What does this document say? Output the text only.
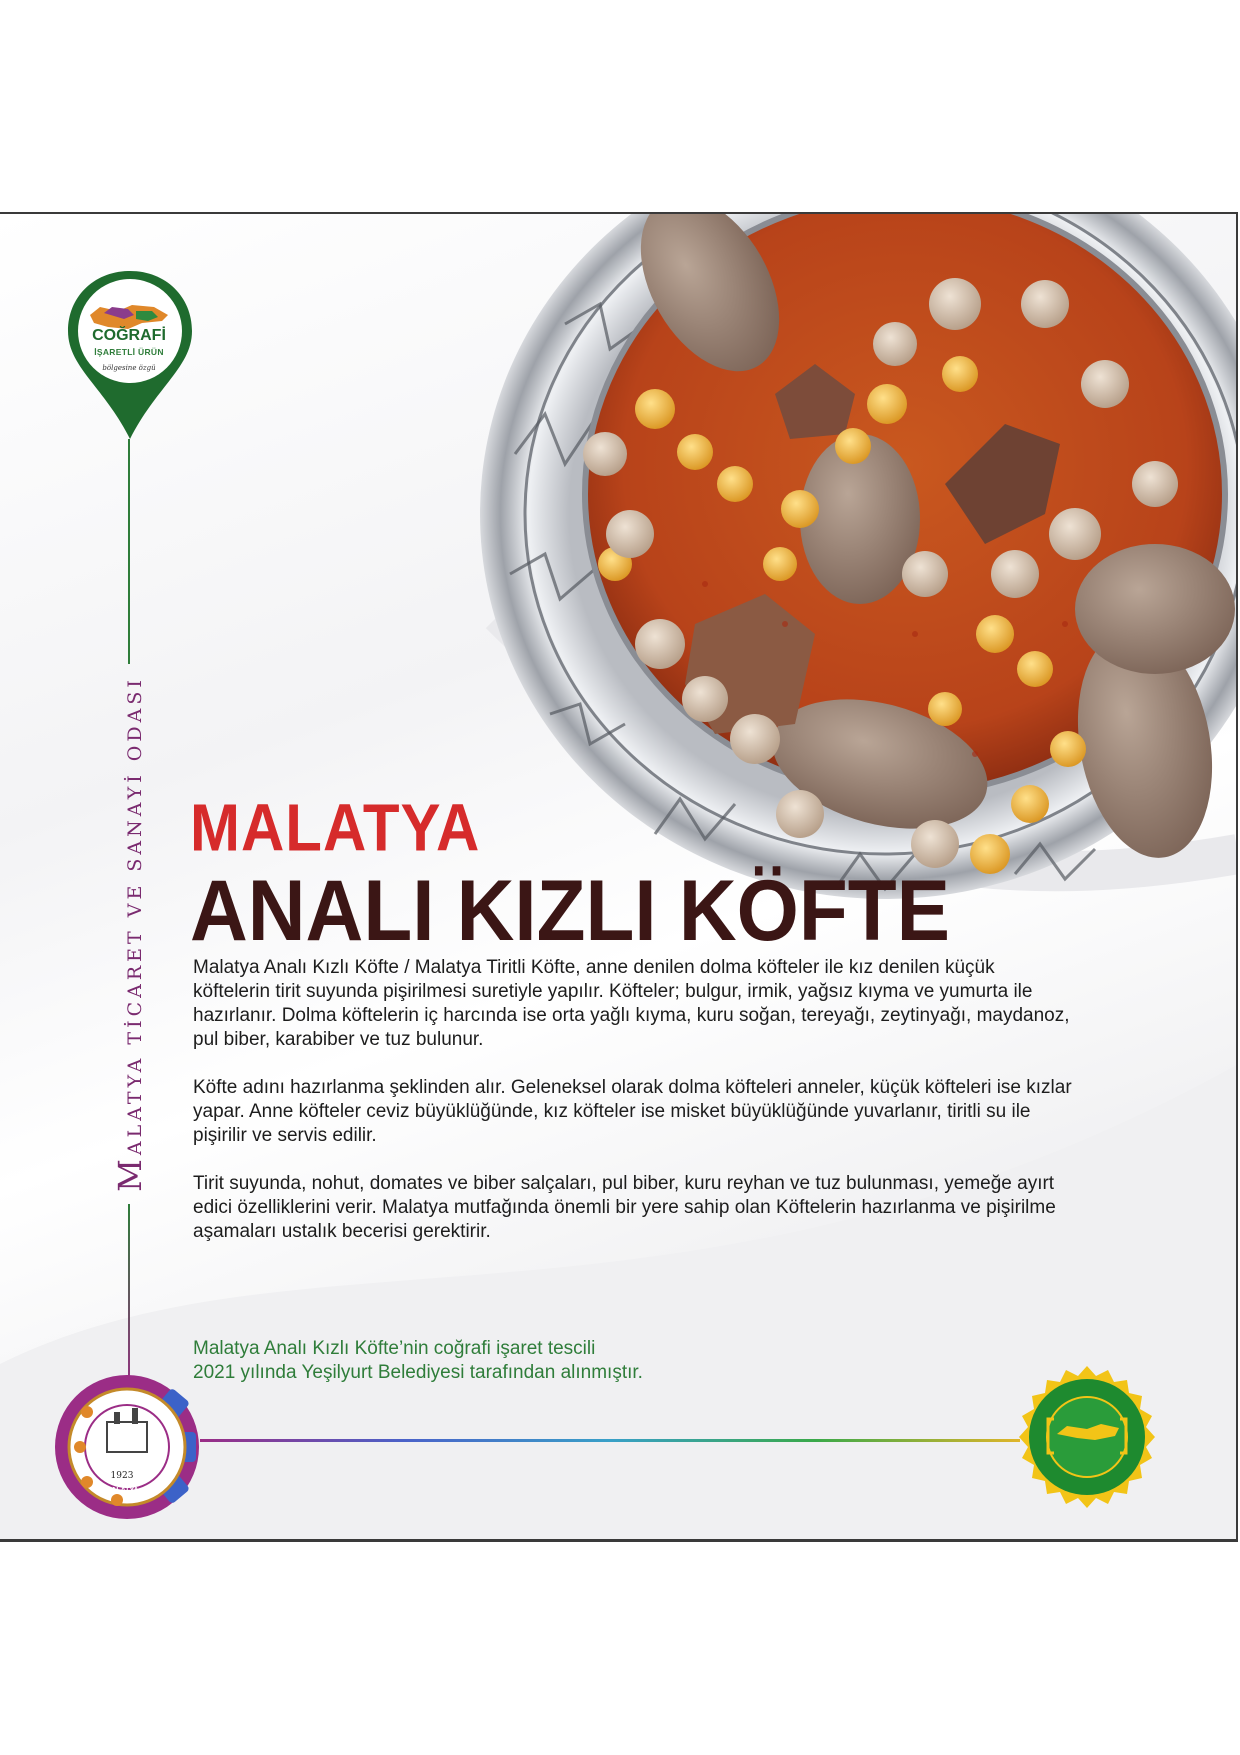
COĞRAFİ
İŞARETLİ ÜRÜN
bölgesine özgü
MALATYA TİCARET VE SANAYİ ODASI MALATYA
ANALI KIZLI KÖFTE

Malatya Analı Kızlı Köfte / Malatya Tiritli Köfte, anne denilen dolma köfteler ile kız denilen küçük köftelerin tirit suyunda pişirilmesi suretiyle yapılır. Köfteler; bulgur, irmik, yağsız kıyma ve yumurta ile hazırlanır. Dolma köftelerin iç harcında ise orta yağlı kıyma, kuru soğan, tereyağı, zeytinyağı, maydanoz, pul biber, karabiber ve tuz bulunur.

Köfte adını hazırlanma şeklinden alır. Geleneksel olarak dolma köfteleri anneler, küçük köfteleri ise kızlar yapar. Anne köfteler ceviz büyüklüğünde, kız köfteler ise misket büyüklüğünde yuvarlanır, tiritli su ile pişirilir ve servis edilir.

Tirit suyunda, nohut, domates ve biber salçaları, pul biber, kuru reyhan ve tuz bulunması, yemeğe ayırt edici özelliklerini verir. Malatya mutfağında önemli bir yere sahip olan Köftelerin hazırlanma ve pişirilme aşamaları ustalık becerisi gerektirir.

Malatya Analı Kızlı Köfte’nin coğrafi işaret tescili
2021 yılında Yeşilyurt Belediyesi tarafından alınmıştır.
1923
MALATYA
